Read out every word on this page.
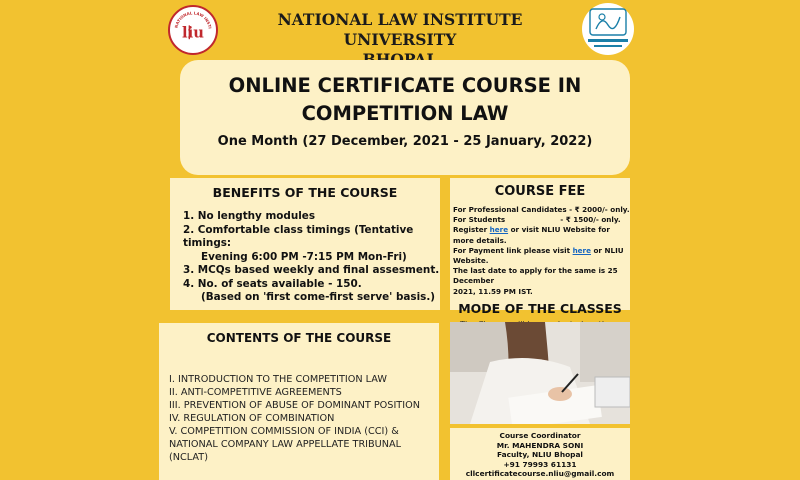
NATIONAL LAW INSTI
liu
NATIONAL LAW INSTITUTE UNIVERSITY
ONLINE CERTIFICATE COURSE IN
COMPETITION LAW
One Month (27 December, 2021 - 25 January, 2022)
BENEFITS OF THE COURSE
1. No lengthy modules
2. Comfortable class timings (Tentative timings:
Evening 6:00 PM -7:15 PM Mon-Fri)
3. MCQs based weekly and final assesment.
4. No. of seats available - 150.
(Based on 'first come-first serve' basis.)
COURSE FEE
For Professional Candidates - ₹ 2000/- only.
For Students                      - ₹ 1500/- only.
Register here or visit NLIU Website for more details.
For Payment link please visit here or NLIU Website.
The last date to apply for the same is 25 December
2021, 11.59 PM IST.
MODE OF THE CLASSES
CONTENTS OF THE COURSE
I. INTRODUCTION TO THE COMPETITION LAW
II. ANTI-COMPETITIVE AGREEMENTS
III. PREVENTION OF ABUSE OF DOMINANT POSITION
IV. REGULATION OF COMBINATION
V. COMPETITION COMMISSION OF INDIA (CCI) &
NATIONAL COMPANY LAW APPELLATE TRIBUNAL
(NCLAT)
Course Coordinator
Mr. MAHENDRA SONI
Faculty, NLIU Bhopal
+91 79993 61131
cllcertificatecourse.nliu@gmail.com
